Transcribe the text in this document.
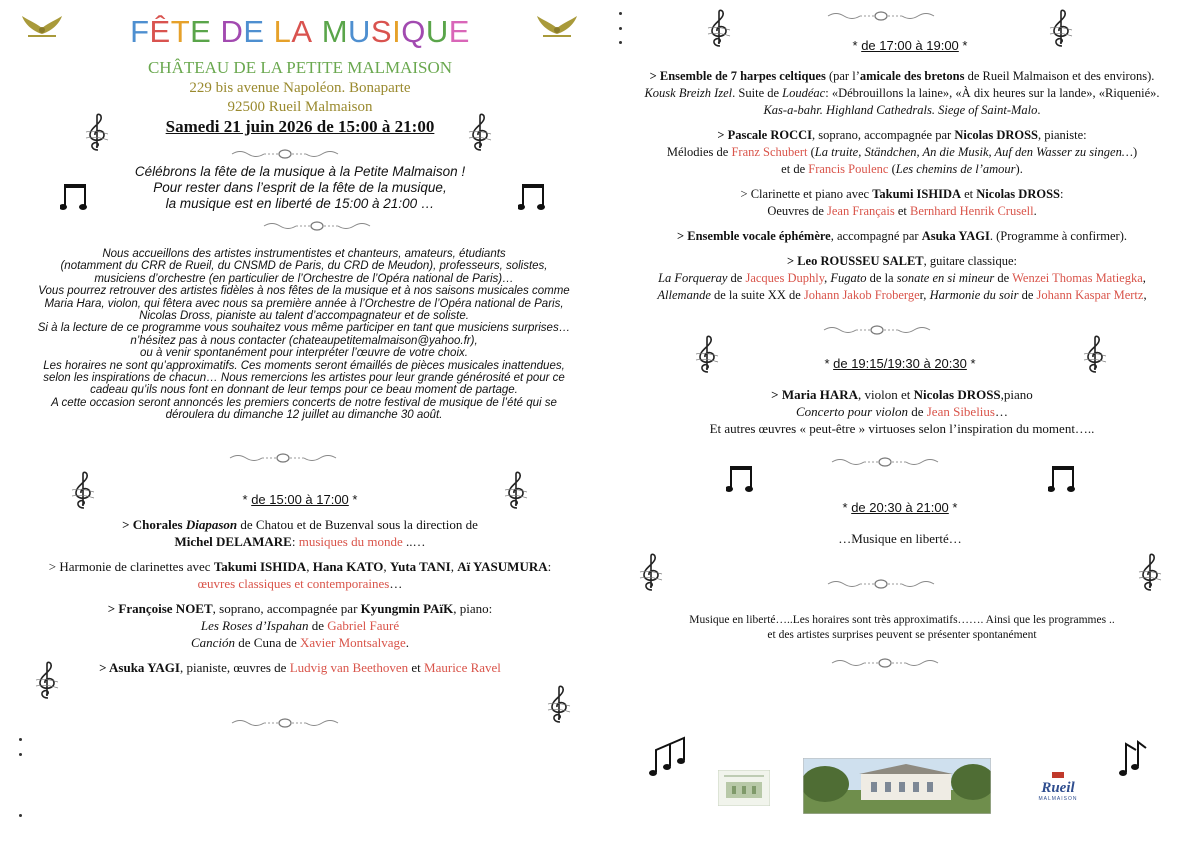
FÊTE DE LA MUSIQUE
CHÂTEAU DE LA PETITE MALMAISON
229 bis avenue Napoléon. Bonaparte
92500 Rueil Malmaison
Samedi 21 juin 2026 de 15:00 à 21:00
Célébrons la fête de la musique à la Petite Malmaison !
Pour rester dans l’esprit de la fête de la musique,
la musique est en liberté de 15:00 à 21:00 …
Nous accueillons des artistes instrumentistes et chanteurs, amateurs, étudiants
(notamment du CRR de Rueil, du CNSMD de Paris, du CRD de Meudon), professeurs, solistes,
musiciens d’orchestre (en particulier de l’Orchestre de l’Opéra national de Paris)…
Vous pourrez retrouver des artistes fidèles à nos fêtes de la musique et à nos saisons musicales comme
Maria Hara, violon, qui fêtera avec nous sa première année à l’Orchestre de l’Opéra national de Paris,
Nicolas Dross, pianiste au talent d’accompagnateur et de soliste.
Si à la lecture de ce programme vous souhaitez vous même participer en tant que musiciens surprises…
n’hésitez pas à nous contacter (chateaupetitemalmaison@yahoo.fr),
ou à venir spontanément pour interpréter l’œuvre de votre choix.
Les horaires ne sont qu’approximatifs. Ces moments seront émaillés de pièces musicales inattendues,
selon les inspirations de chacun… Nous remercions les artistes pour leur grande générosité et pour ce
cadeau qu’ils nous font en donnant de leur temps pour ce beau moment de partage.
A cette occasion seront annoncés les premiers concerts de notre festival de musique de l’été qui se
déroulera du dimanche 12 juillet au dimanche 30 août.
* de 15:00 à 17:00 *
> Chorales Diapason de Chatou et de Buzenval sous la direction de
Michel DELAMARE: musiques du monde ..…
> Harmonie de clarinettes avec Takumi ISHIDA, Hana KATO, Yuta TANI, Aï YASUMURA:
œuvres classiques et contemporaines…
> Françoise NOET, soprano, accompagnée par Kyungmin PAïK, piano:
Les Roses d’Ispahan de Gabriel Fauré
Canción de Cuna de Xavier Montsalvage.
> Asuka YAGI, pianiste, œuvres de Ludvig van Beethoven et Maurice Ravel
* de 17:00 à 19:00 *
> Ensemble de 7 harpes celtiques (par l’amicale des bretons de Rueil Malmaison et des environs).
Kousk Breizh Izel. Suite de Loudéac: «Débrouillons la laine», «À dix heures sur la lande», «Riquenié».
Kas-a-bahr. Highland Cathedrals. Siege of Saint-Malo.
> Pascale ROCCI, soprano, accompagnée par Nicolas DROSS, pianiste:
Mélodies de Franz Schubert (La truite, Ständchen, An die Musik, Auf den Wasser zu singen…)
et de Francis Poulenc (Les chemins de l’amour).
> Clarinette et piano avec Takumi ISHIDA et Nicolas DROSS:
Oeuvres de Jean Français et Bernhard Henrik Crusell.
> Ensemble vocale éphémère, accompagné par Asuka YAGI. (Programme à confirmer).
> Leo ROUSSEU SALET, guitare classique:
La Forqueray de Jacques Duphly, Fugato de la sonate en si mineur de Wenzei Thomas Matiegka,
Allemande de la suite XX de Johann Jakob Froberger, Harmonie du soir de Johann Kaspar Mertz,
* de 19:15/19:30 à 20:30 *
> Maria HARA, violon et Nicolas DROSS,piano
Concerto pour violon de Jean Sibelius…
Et autres œuvres « peut-être » virtuoses selon l’inspiration du moment…..
* de 20:30 à 21:00 *
…Musique en liberté…
Musique en liberté…..Les horaires sont très approximatifs……. Ainsi que les programmes ..
et des artistes surprises peuvent se présenter spontanément
Rueil
MALMAISON
